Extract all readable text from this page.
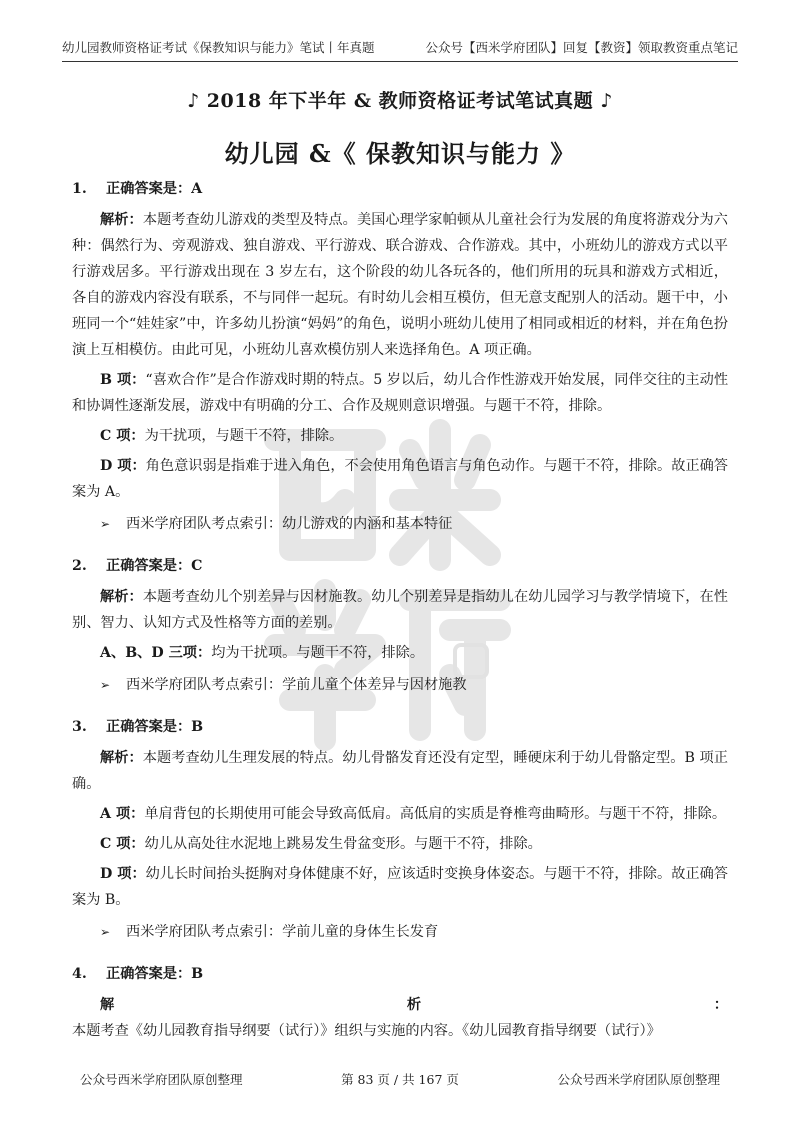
幼儿园教师资格证考试《保教知识与能力》笔试丨年真题	公众号【西米学府团队】回复【教资】领取教资重点笔记
♪ 2018 年下半年 & 教师资格证考试笔试真题 ♪
幼儿园 &《 保教知识与能力 》
1. 正确答案是：A
解析：本题考查幼儿游戏的类型及特点。美国心理学家帕顿从儿童社会行为发展的角度将游戏分为六种：偶然行为、旁观游戏、独自游戏、平行游戏、联合游戏、合作游戏。其中，小班幼儿的游戏方式以平行游戏居多。平行游戏出现在 3 岁左右，这个阶段的幼儿各玩各的，他们所用的玩具和游戏方式相近，各自的游戏内容没有联系，不与同伴一起玩。有时幼儿会相互模仿，但无意支配别人的活动。题干中，小班同一个“娃娃家”中，许多幼儿扮演“妈妈”的角色，说明小班幼儿使用了相同或相近的材料，并在角色扮演上互相模仿。由此可见，小班幼儿喜欢模仿别人来选择角色。A 项正确。
B 项：“喜欢合作”是合作游戏时期的特点。5 岁以后，幼儿合作性游戏开始发展，同伴交往的主动性和协调性逐渐发展，游戏中有明确的分工、合作及规则意识增强。与题干不符，排除。
C 项：为干扰项，与题干不符，排除。
D 项：角色意识弱是指难于进入角色，不会使用角色语言与角色动作。与题干不符，排除。故正确答案为 A。
➢ 西米学府团队考点索引：幼儿游戏的内涵和基本特征
2. 正确答案是：C
解析：本题考查幼儿个别差异与因材施教。幼儿个别差异是指幼儿在幼儿园学习与教学情境下，在性别、智力、认知方式及性格等方面的差别。
A、B、D 三项：均为干扰项。与题干不符，排除。
➢ 西米学府团队考点索引：学前儿童个体差异与因材施教
3. 正确答案是：B
解析：本题考查幼儿生理发展的特点。幼儿骨骼发育还没有定型，睡硬床利于幼儿骨骼定型。B 项正确。
A 项：单肩背包的长期使用可能会导致高低肩。高低肩的实质是脊椎弯曲畸形。与题干不符，排除。
C 项：幼儿从高处往水泥地上跳易发生骨盆变形。与题干不符，排除。
D 项：幼儿长时间抬头挺胸对身体健康不好，应该适时变换身体姿态。与题干不符，排除。故正确答案为 B。
➢ 西米学府团队考点索引：学前儿童的身体生长发育
4. 正确答案是：B
解析：本题考查《幼儿园教育指导纲要（试行）》组织与实施的内容。《幼儿园教育指导纲要（试行）》
公众号西米学府团队原创整理	第 83 页 / 共 167 页	公众号西米学府团队原创整理
